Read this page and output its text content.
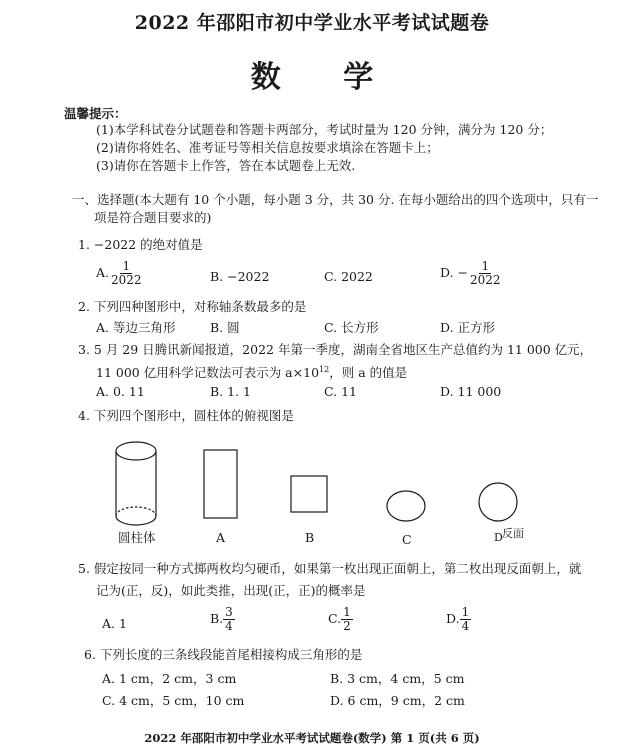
2022 年邵阳市初中学业水平考试试题卷
数 学
温馨提示：
(1)本学科试卷分试题卷和答题卡两部分，考试时量为 120 分钟，满分为 120 分；
(2)请你将姓名、准考证号等相关信息按要求填涂在答题卡上；
(3)请你在答题卡上作答，答在本试题卷上无效.
一、选择题(本大题有 10 个小题，每小题 3 分，共 30 分. 在每小题给出的四个选项中，只有一
项是符合题目要求的)
1. −2022 的绝对值是
A. $\frac{1}{2022}$	B. −2022	C. 2022	D. − $\frac{1}{2022}$
2. 下列四种图形中，对称轴条数最多的是
A. 等边三角形	B. 圆	C. 长方形	D. 正方形
3. 5 月 29 日腾讯新闻报道，2022 年第一季度，湖南全省地区生产总值约为 11 000 亿元，
11 000 亿用科学记数法可表示为 $a\times 10^{12}$，则 a 的值是
A. 0. 11	B. 1. 1	C. 11	D. 11 000
4. 下列四个图形中，圆柱体的俯视图是
圆柱体	A	B	C	D 反面
5. 假定按同一种方式掷两枚均匀硬币，如果第一枚出现正面朝上，第二枚出现反面朝上，就
记为(正，反)，如此类推，出现(正，正)的概率是
A. 1	B. $\frac{3}{4}$	C. $\frac{1}{2}$	D. $\frac{1}{4}$
6. 下列长度的三条线段能首尾相接构成三角形的是
A. 1 cm，2 cm，3 cm	B. 3 cm，4 cm，5 cm
C. 4 cm，5 cm，10 cm	D. 6 cm，9 cm，2 cm
2022 年邵阳市初中学业水平考试试题卷(数学) 第 1 页(共 6 页)
